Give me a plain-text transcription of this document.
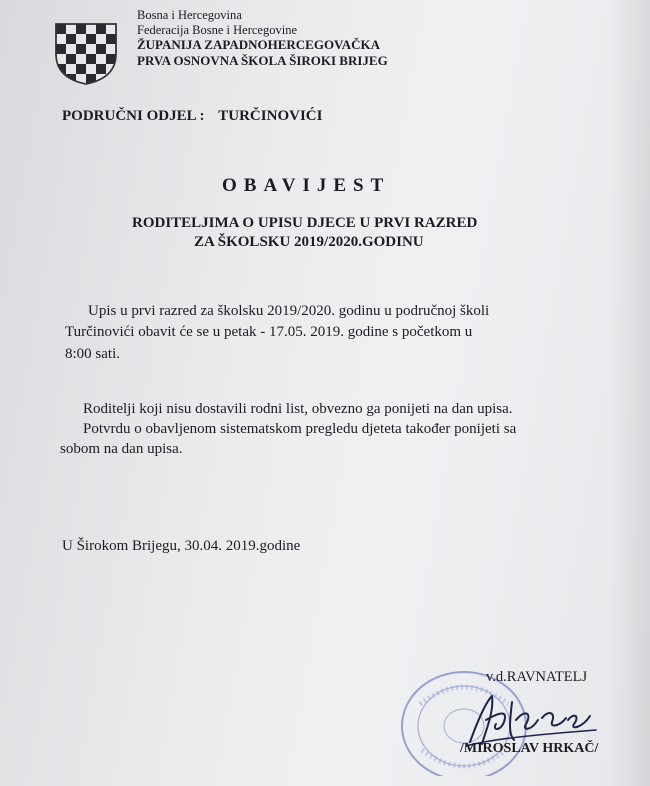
Bosna i Hercegovina
Federacija Bosne i Hercegovine
ŽUPANIJA ZAPADNOHERCEGOVAČKA
PRVA OSNOVNA ŠKOLA ŠIROKI BRIJEG
PODRUČNI ODJEL : TURČINOVIĆI
OBAVIJEST
RODITELJIMA O UPISU DJECE U PRVI RAZRED
ZA ŠKOLSKU 2019/2020.GODINU
Upis u prvi razred za školsku 2019/2020. godinu u područnoj školi
Turčinovići obavit će se u petak - 17.05. 2019. godine s početkom u
8:00 sati.
Roditelji koji nisu dostavili rodni list, obvezno ga ponijeti na dan upisa.
Potvrdu o obavljenom sistematskom pregledu djeteta također ponijeti sa
sobom na dan upisa.
U Širokom Brijegu, 30.04. 2019.godine
v.d.RAVNATELJ
/MIROSLAV HRKAČ/
